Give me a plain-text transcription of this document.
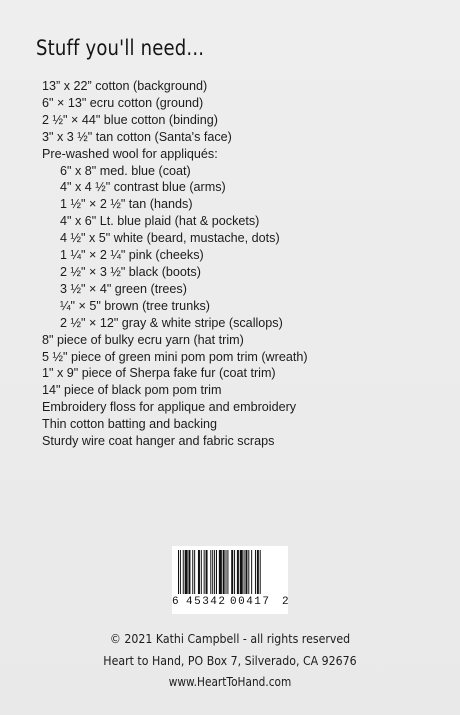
Stuff you'll need...
13” x 22” cotton (background)
6" × 13" ecru cotton (ground)
2 ½" × 44" blue cotton (binding)
3" x 3 ½" tan cotton (Santa's face)
Pre-washed wool for appliqués:
6" x 8" med. blue (coat)
4" x 4 ½" contrast blue (arms)
1 ½" × 2 ½" tan (hands)
4" x 6" Lt. blue plaid (hat & pockets)
4 ½" x 5" white (beard, mustache, dots)
1 ¼" × 2 ¼" pink (cheeks)
2 ½" × 3 ½" black (boots)
3 ½" × 4" green (trees)
¼" × 5" brown (tree trunks)
2 ½" × 12" gray & white stripe (scallops)
8" piece of bulky ecru yarn (hat trim)
5 ½" piece of green mini pom pom trim (wreath)
1" x 9" piece of Sherpa fake fur (coat trim)
14" piece of black pom pom trim
Embroidery floss for applique and embroidery
Thin cotton batting and backing
Sturdy wire coat hanger and fabric scraps
6 45342 00417 2
© 2021 Kathi Campbell - all rights reserved
Heart to Hand, PO Box 7, Silverado, CA 92676
www.HeartToHand.com
